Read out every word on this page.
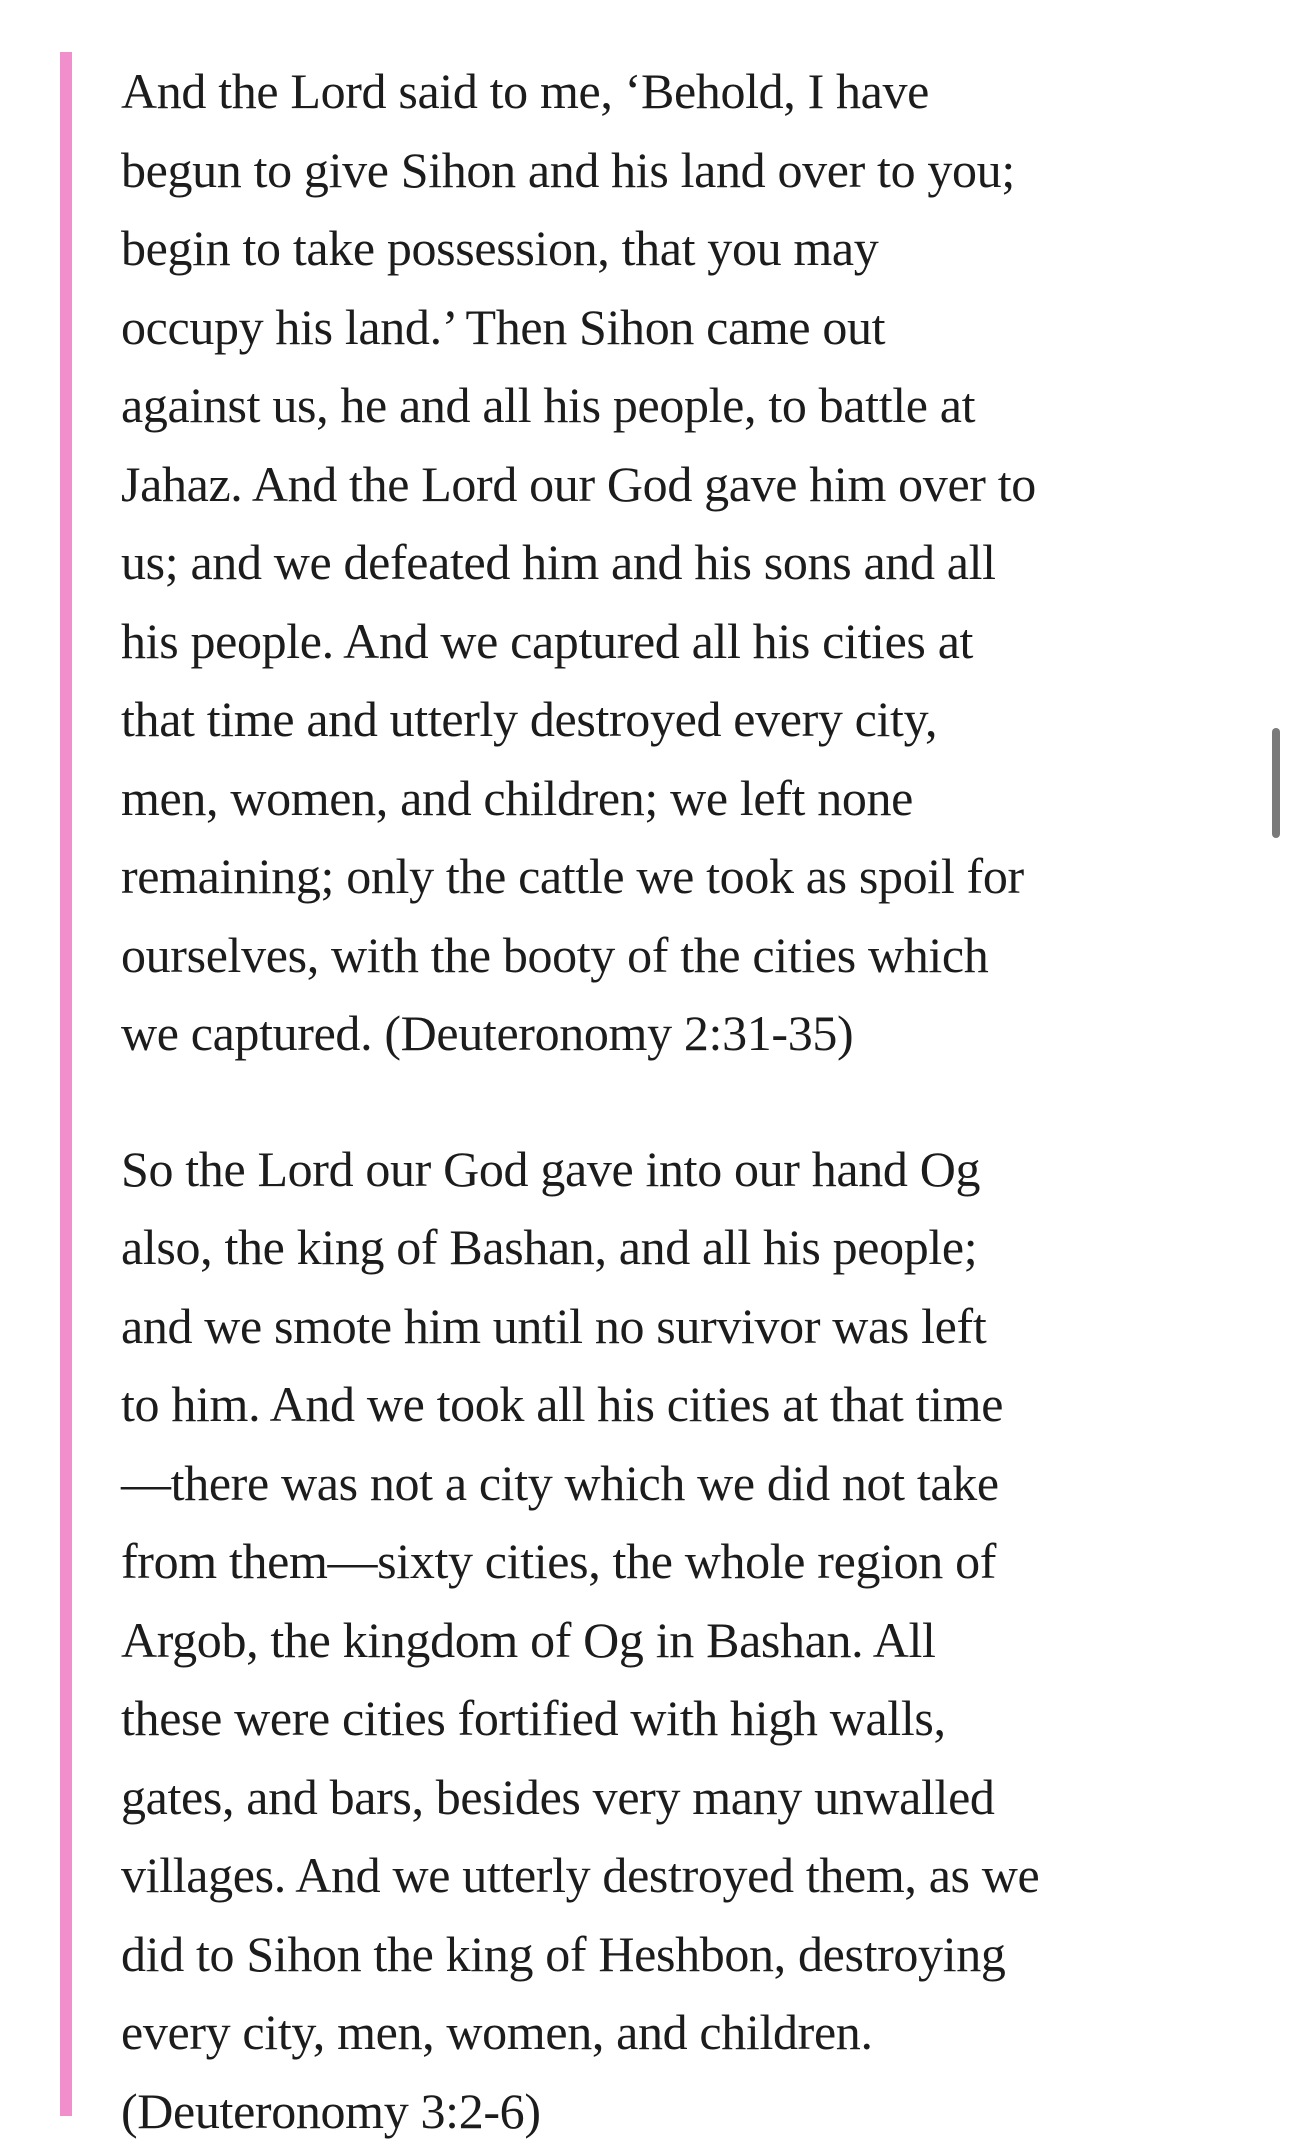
And the Lord said to me, ‘Behold, I have
begun to give Sihon and his land over to you;
begin to take possession, that you may
occupy his land.’ Then Sihon came out
against us, he and all his people, to battle at
Jahaz. And the Lord our God gave him over to
us; and we defeated him and his sons and all
his people. And we captured all his cities at
that time and utterly destroyed every city,
men, women, and children; we left none
remaining; only the cattle we took as spoil for
ourselves, with the booty of the cities which
we captured. (Deuteronomy 2:31-35)

So the Lord our God gave into our hand Og
also, the king of Bashan, and all his people;
and we smote him until no survivor was left
to him. And we took all his cities at that time
—there was not a city which we did not take
from them—sixty cities, the whole region of
Argob, the kingdom of Og in Bashan. All
these were cities fortified with high walls,
gates, and bars, besides very many unwalled
villages. And we utterly destroyed them, as we
did to Sihon the king of Heshbon, destroying
every city, men, women, and children.
(Deuteronomy 3:2-6)
